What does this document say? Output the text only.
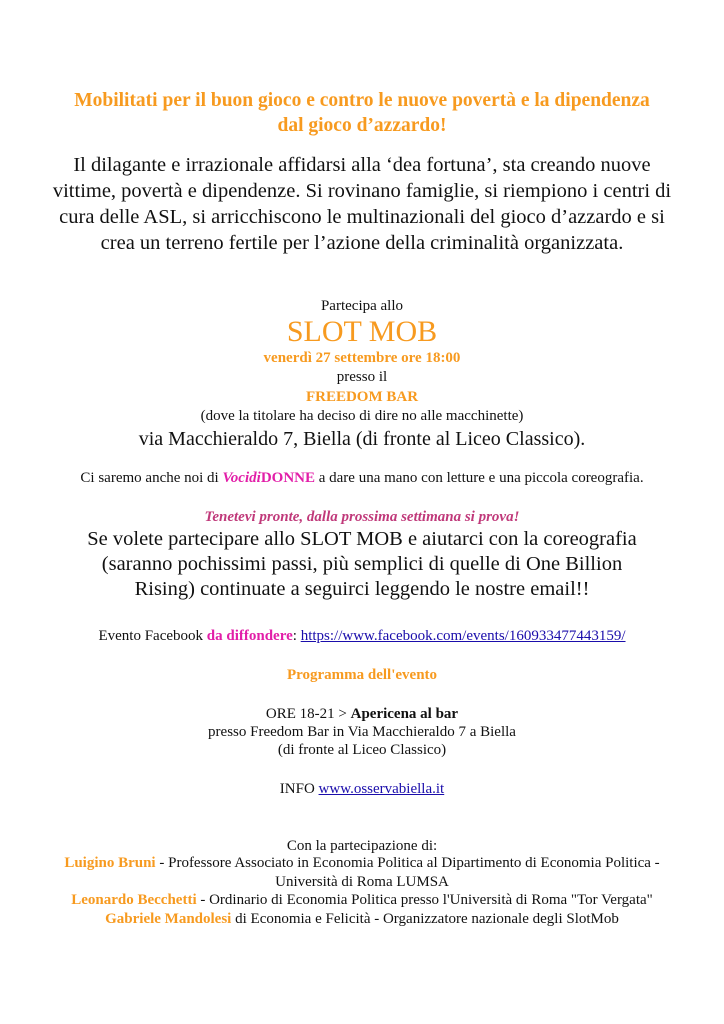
Mobilitati per il buon gioco e contro le nuove povertà e la dipendenza dal gioco d’azzardo!
Il dilagante e irrazionale affidarsi alla ‘dea fortuna’, sta creando nuove vittime, povertà e dipendenze. Si rovinano famiglie, si riempiono i centri di cura delle ASL, si arricchiscono le multinazionali del gioco d’azzardo e si crea un terreno fertile per l’azione della criminalità organizzata.
Partecipa allo
SLOT MOB
venerdì 27 settembre ore 18:00
presso il
FREEDOM BAR
(dove la titolare ha deciso di dire no alle macchinette)
via Macchieraldo 7, Biella (di fronte al Liceo Classico).
Ci saremo anche noi di VocidiDONNE a dare una mano con letture e una piccola coreografia.
Tenetevi pronte, dalla prossima settimana si prova!
Se volete partecipare allo SLOT MOB e aiutarci con la coreografia (saranno pochissimi passi, più semplici di quelle di One Billion Rising) continuate a seguirci leggendo le nostre email!!
Evento Facebook da diffondere: https://www.facebook.com/events/160933477443159/
Programma dell'evento
ORE 18-21 > Apericena al bar
presso Freedom Bar in Via Macchieraldo 7 a Biella
(di fronte al Liceo Classico)
INFO www.osservabiella.it
Con la partecipazione di:
Luigino Bruni - Professore Associato in Economia Politica al Dipartimento di Economia Politica - Università di Roma LUMSA
Leonardo Becchetti - Ordinario di Economia Politica presso l'Università di Roma "Tor Vergata"
Gabriele Mandolesi di Economia e Felicità - Organizzatore nazionale degli SlotMob
